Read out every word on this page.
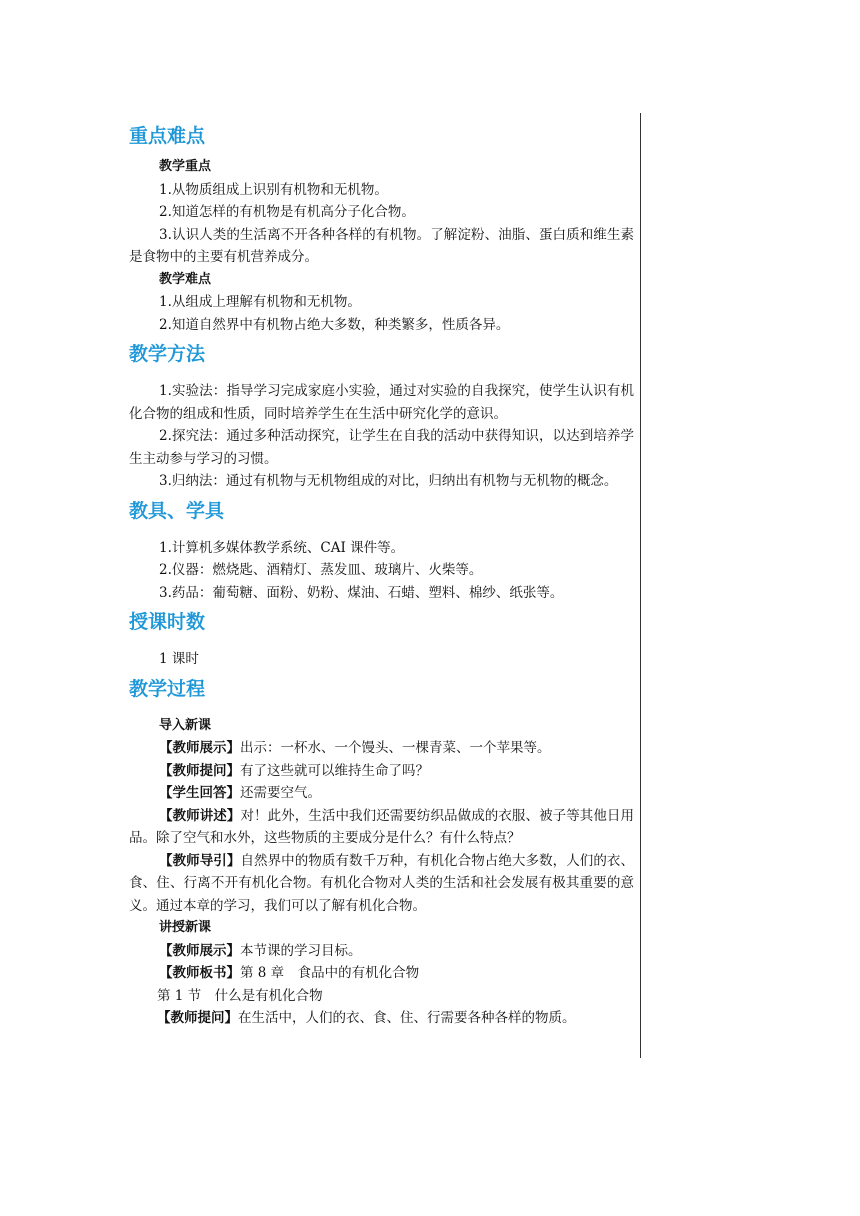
重点难点
教学重点

1.从物质组成上识别有机物和无机物。

2.知道怎样的有机物是有机高分子化合物。

3.认识人类的生活离不开各种各样的有机物。了解淀粉、油脂、蛋白质和维生素是食物中的主要有机营养成分。

教学难点

1.从组成上理解有机物和无机物。

2.知道自然界中有机物占绝大多数，种类繁多，性质各异。

教学方法

1.实验法：指导学习完成家庭小实验，通过对实验的自我探究，使学生认识有机化合物的组成和性质，同时培养学生在生活中研究化学的意识。

2.探究法：通过多种活动探究，让学生在自我的活动中获得知识，以达到培养学生主动参与学习的习惯。

3.归纳法：通过有机物与无机物组成的对比，归纳出有机物与无机物的概念。

教具、学具

1.计算机多媒体教学系统、CAI 课件等。

2.仪器：燃烧匙、酒精灯、蒸发皿、玻璃片、火柴等。

3.药品：葡萄糖、面粉、奶粉、煤油、石蜡、塑料、棉纱、纸张等。

授课时数

1 课时

教学过程
导入新课

【教师展示】出示：一杯水、一个馒头、一棵青菜、一个苹果等。

【教师提问】有了这些就可以维持生命了吗？

【学生回答】还需要空气。

【教师讲述】对！此外，生活中我们还需要纺织品做成的衣服、被子等其他日用品。除了空气和水外，这些物质的主要成分是什么？有什么特点？

【教师导引】自然界中的物质有数千万种，有机化合物占绝大多数，人们的衣、食、住、行离不开有机化合物。有机化合物对人类的生活和社会发展有极其重要的意义。通过本章的学习，我们可以了解有机化合物。

讲授新课

【教师展示】本节课的学习目标。

【教师板书】第 8 章　食品中的有机化合物

第 1 节　什么是有机化合物

【教师提问】在生活中，人们的衣、食、住、行需要各种各样的物质。
